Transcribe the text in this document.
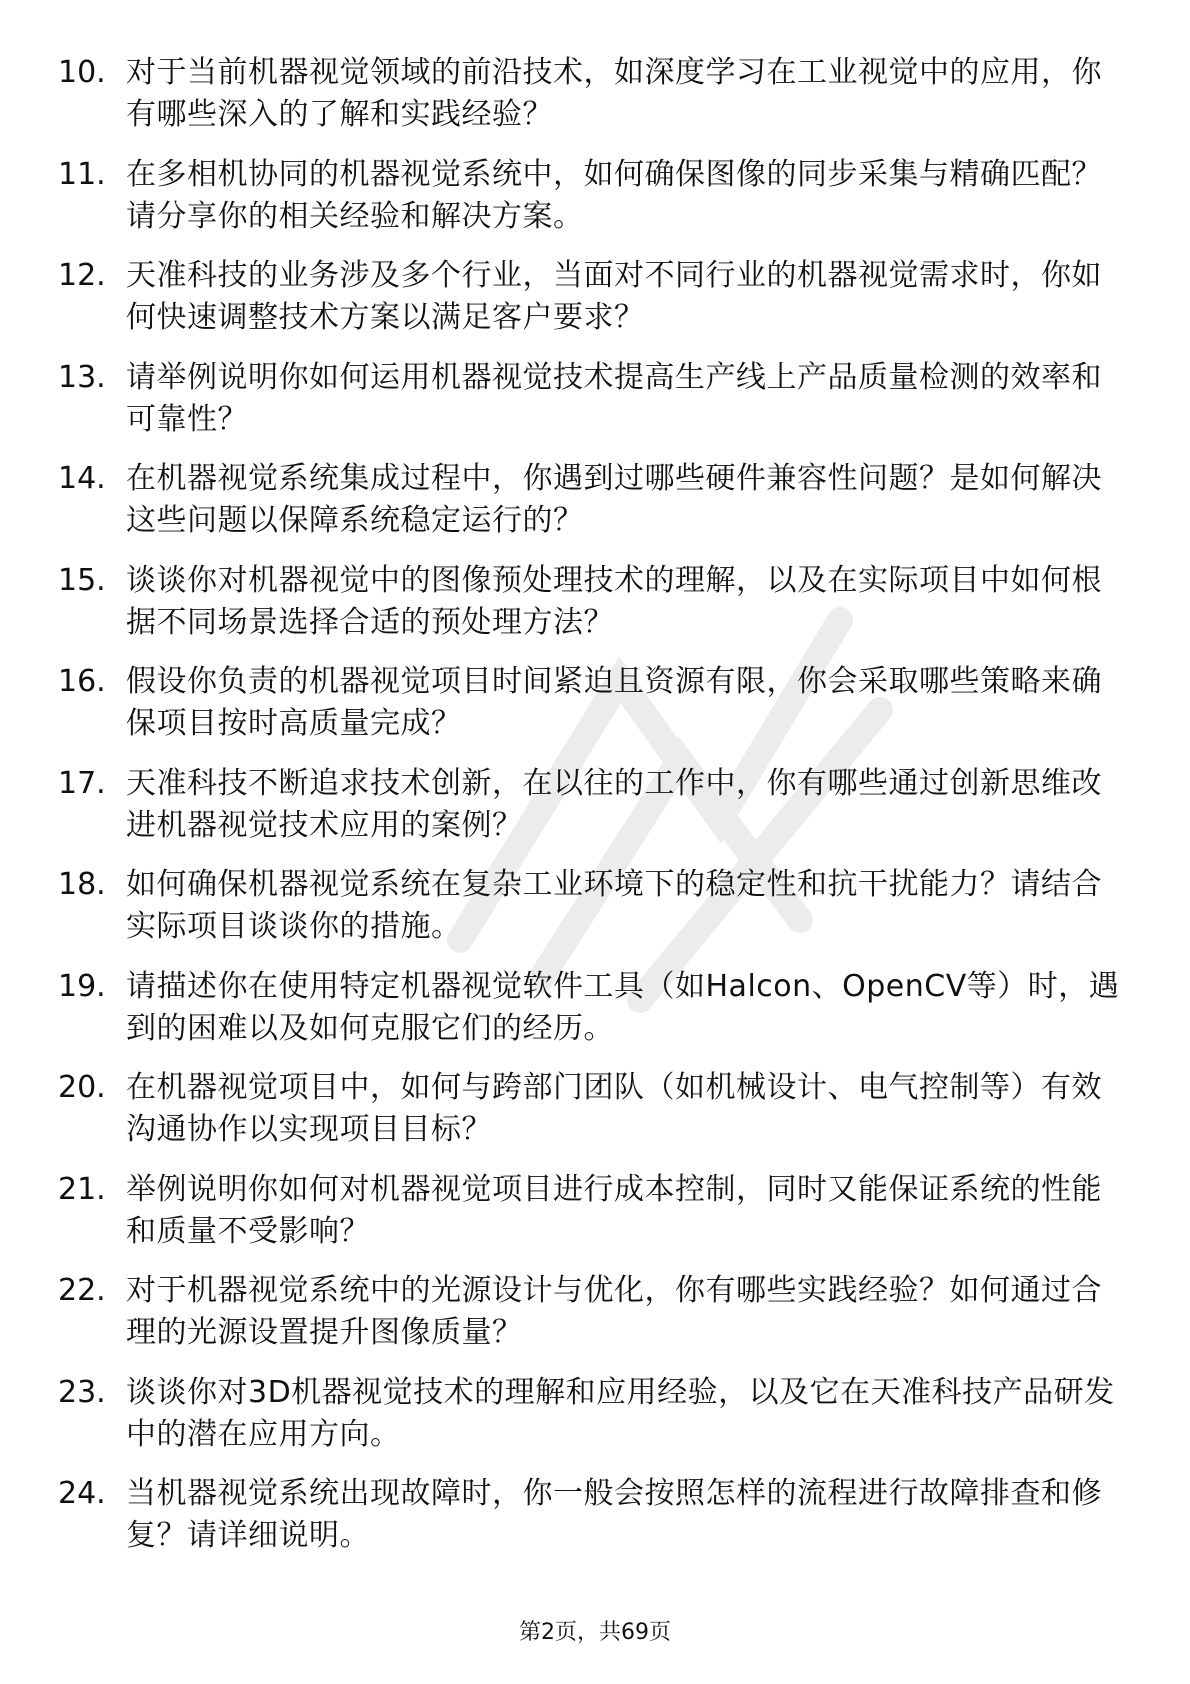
10. 对于当前机器视觉领域的前沿技术，如深度学习在工业视觉中的应用，你有哪些深入的了解和实践经验？
11. 在多相机协同的机器视觉系统中，如何确保图像的同步采集与精确匹配？请分享你的相关经验和解决方案。
12. 天准科技的业务涉及多个行业，当面对不同行业的机器视觉需求时，你如何快速调整技术方案以满足客户要求？
13. 请举例说明你如何运用机器视觉技术提高生产线上产品质量检测的效率和可靠性？
14. 在机器视觉系统集成过程中，你遇到过哪些硬件兼容性问题？是如何解决这些问题以保障系统稳定运行的？
15. 谈谈你对机器视觉中的图像预处理技术的理解，以及在实际项目中如何根据不同场景选择合适的预处理方法？
16. 假设你负责的机器视觉项目时间紧迫且资源有限，你会采取哪些策略来确保项目按时高质量完成？
17. 天准科技不断追求技术创新，在以往的工作中，你有哪些通过创新思维改进机器视觉技术应用的案例？
18. 如何确保机器视觉系统在复杂工业环境下的稳定性和抗干扰能力？请结合实际项目谈谈你的措施。
19. 请描述你在使用特定机器视觉软件工具（如Halcon、OpenCV等）时，遇到的困难以及如何克服它们的经历。
20. 在机器视觉项目中，如何与跨部门团队（如机械设计、电气控制等）有效沟通协作以实现项目目标？
21. 举例说明你如何对机器视觉项目进行成本控制，同时又能保证系统的性能和质量不受影响？
22. 对于机器视觉系统中的光源设计与优化，你有哪些实践经验？如何通过合理的光源设置提升图像质量？
23. 谈谈你对3D机器视觉技术的理解和应用经验，以及它在天准科技产品研发中的潜在应用方向。
24. 当机器视觉系统出现故障时，你一般会按照怎样的流程进行故障排查和修复？请详细说明。
第2页，共69页
